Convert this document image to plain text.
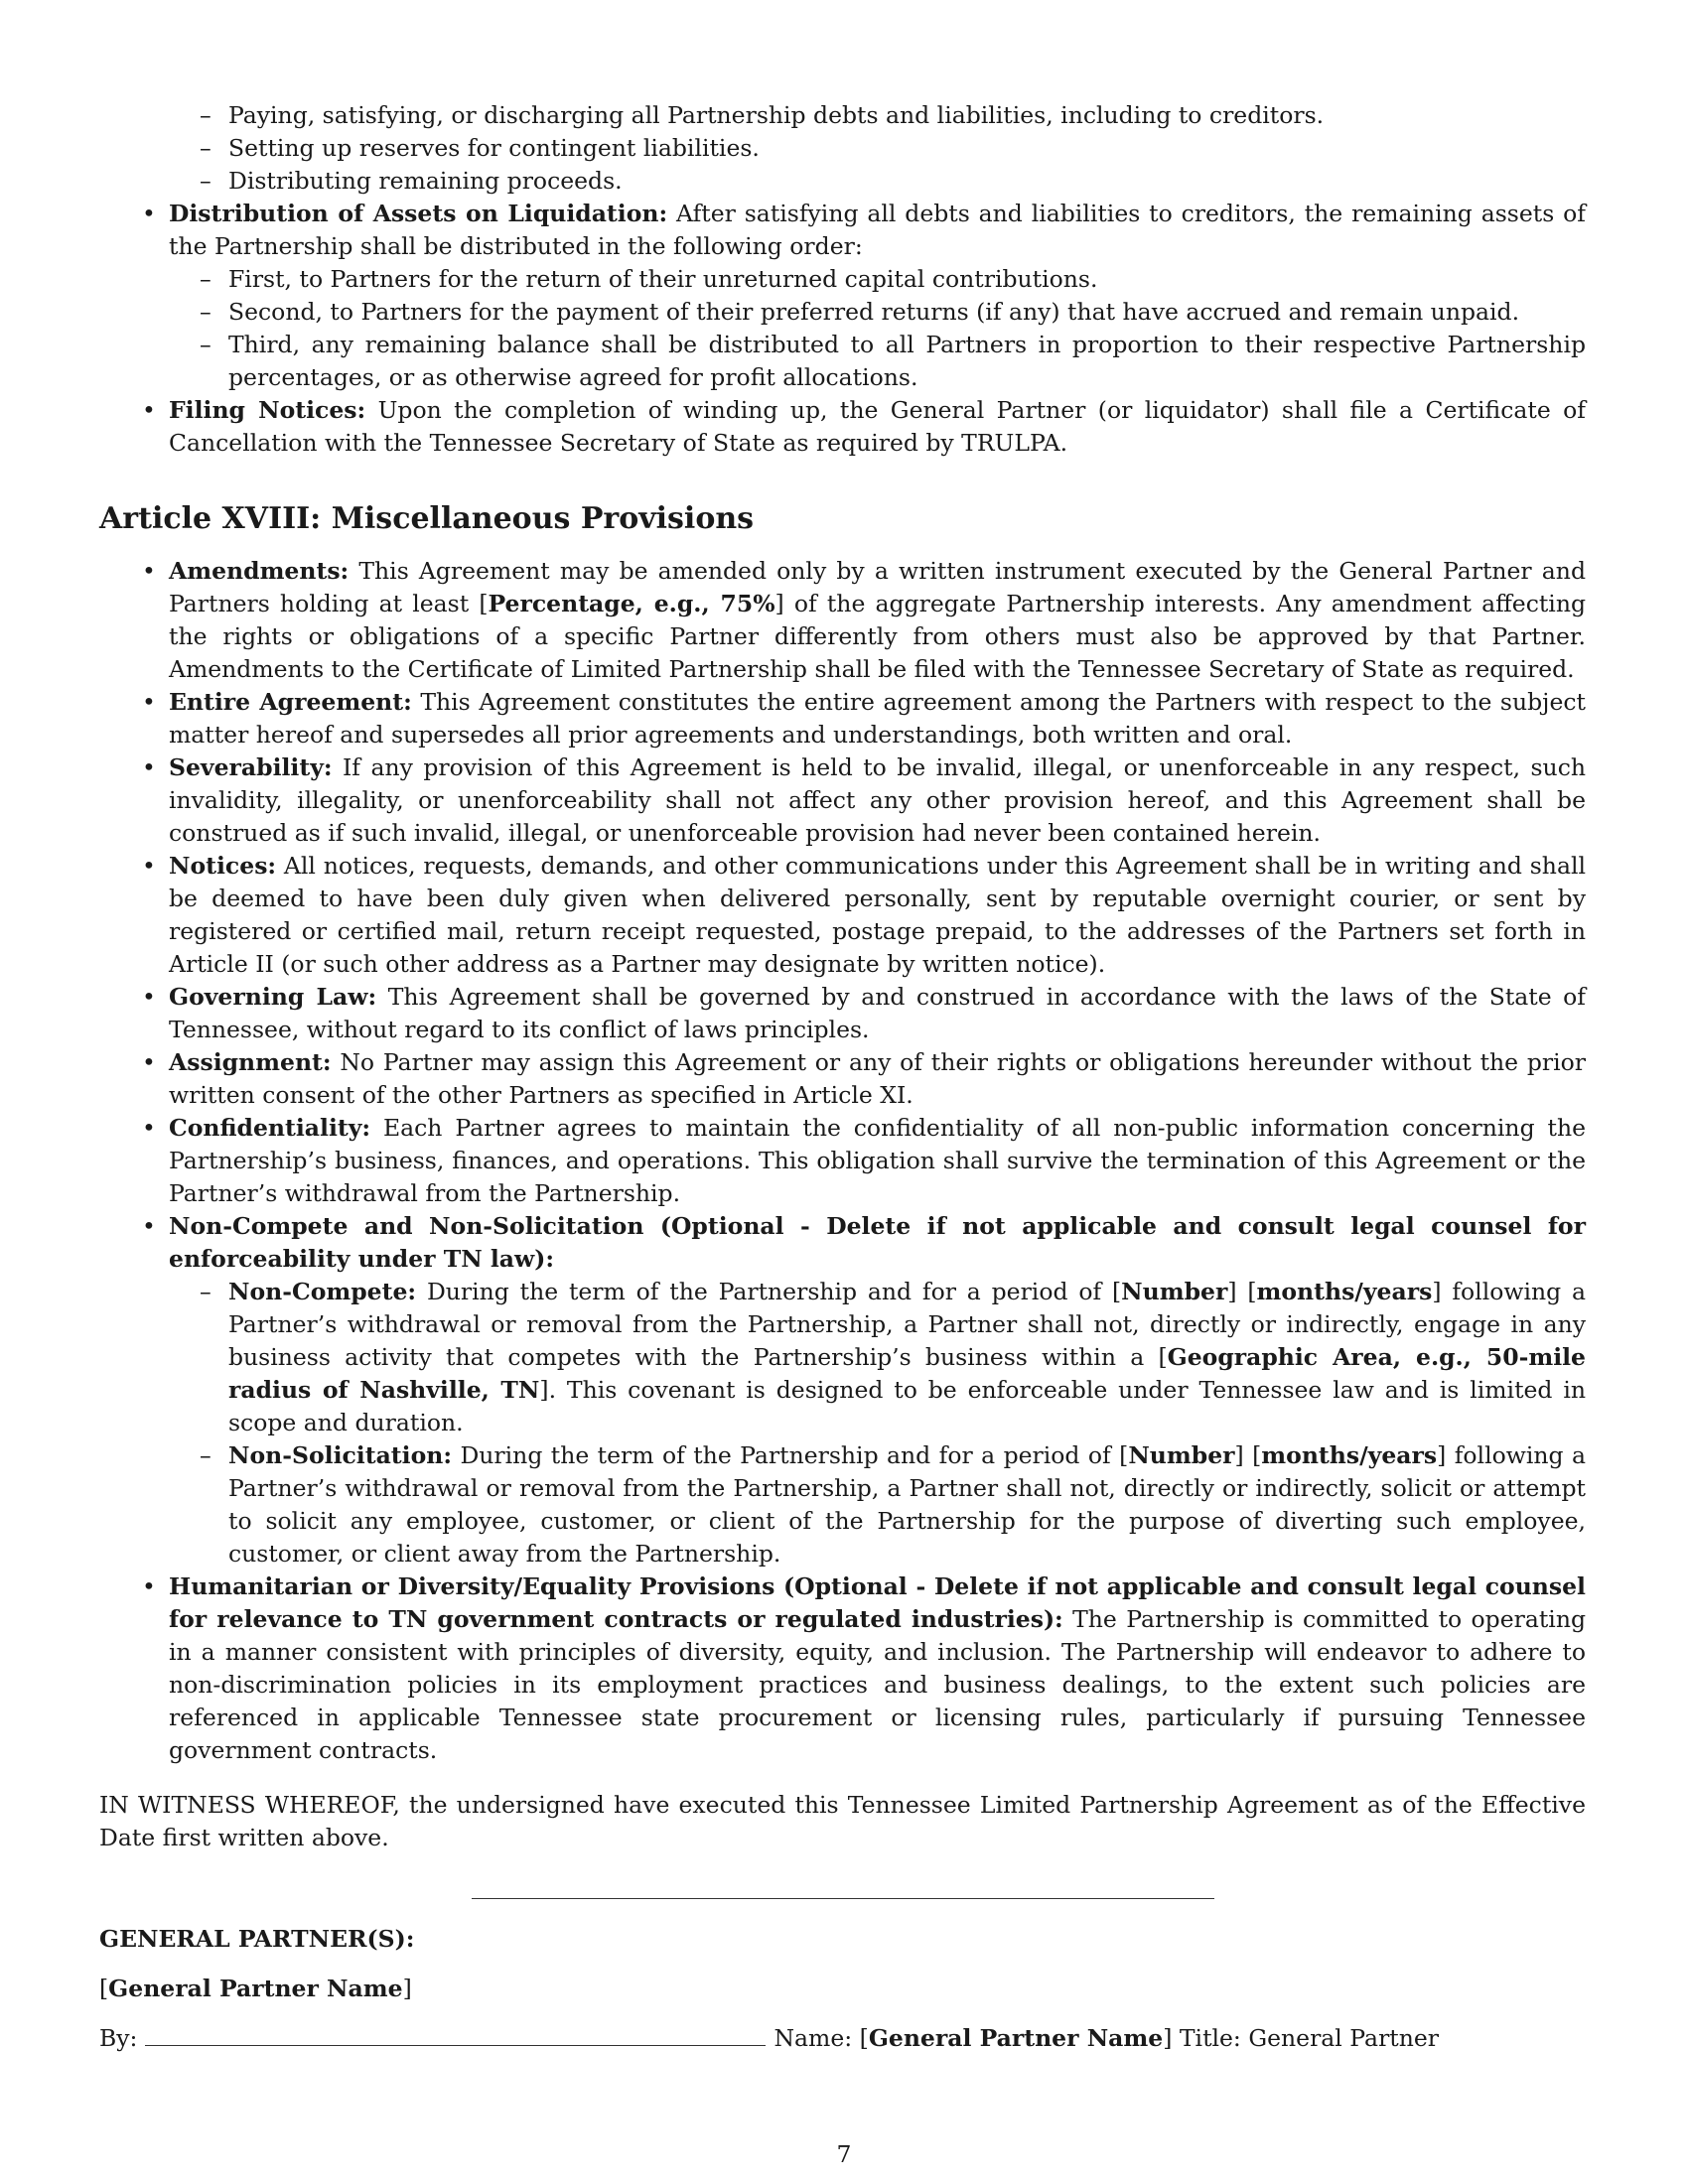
– Paying, satisfying, or discharging all Partnership debts and liabilities, including to creditors.
– Setting up reserves for contingent liabilities.
– Distributing remaining proceeds.
• Distribution of Assets on Liquidation: After satisfying all debts and liabilities to creditors, the remaining assets of the Partnership shall be distributed in the following order:
– First, to Partners for the return of their unreturned capital contributions.
– Second, to Partners for the payment of their preferred returns (if any) that have accrued and remain unpaid.
– Third, any remaining balance shall be distributed to all Partners in proportion to their respective Partnership percentages, or as otherwise agreed for profit allocations.
• Filing Notices: Upon the completion of winding up, the General Partner (or liquidator) shall file a Certificate of Cancellation with the Tennessee Secretary of State as required by TRULPA.
Article XVIII: Miscellaneous Provisions
• Amendments: This Agreement may be amended only by a written instrument executed by the General Partner and Partners holding at least [Percentage, e.g., 75%] of the aggregate Partnership interests. Any amendment affecting the rights or obligations of a specific Partner differently from others must also be approved by that Partner. Amendments to the Certificate of Limited Partnership shall be filed with the Tennessee Secretary of State as required.
• Entire Agreement: This Agreement constitutes the entire agreement among the Partners with respect to the subject matter hereof and supersedes all prior agreements and understandings, both written and oral.
• Severability: If any provision of this Agreement is held to be invalid, illegal, or unenforceable in any respect, such invalidity, illegality, or unenforceability shall not affect any other provision hereof, and this Agreement shall be construed as if such invalid, illegal, or unenforceable provision had never been contained herein.
• Notices: All notices, requests, demands, and other communications under this Agreement shall be in writing and shall be deemed to have been duly given when delivered personally, sent by reputable overnight courier, or sent by registered or certified mail, return receipt requested, postage prepaid, to the addresses of the Partners set forth in Article II (or such other address as a Partner may designate by written notice).
• Governing Law: This Agreement shall be governed by and construed in accordance with the laws of the State of Tennessee, without regard to its conflict of laws principles.
• Assignment: No Partner may assign this Agreement or any of their rights or obligations hereunder without the prior written consent of the other Partners as specified in Article XI.
• Confidentiality: Each Partner agrees to maintain the confidentiality of all non-public information concerning the Partnership’s business, finances, and operations. This obligation shall survive the termination of this Agreement or the Partner’s withdrawal from the Partnership.
• Non-Compete and Non-Solicitation (Optional - Delete if not applicable and consult legal counsel for enforceability under TN law):
– Non-Compete: During the term of the Partnership and for a period of [Number] [months/years] following a Partner’s withdrawal or removal from the Partnership, a Partner shall not, directly or indirectly, engage in any business activity that competes with the Partnership’s business within a [Geographic Area, e.g., 50-mile radius of Nashville, TN]. This covenant is designed to be enforceable under Tennessee law and is limited in scope and duration.
– Non-Solicitation: During the term of the Partnership and for a period of [Number] [months/years] following a Partner’s withdrawal or removal from the Partnership, a Partner shall not, directly or indirectly, solicit or attempt to solicit any employee, customer, or client of the Partnership for the purpose of diverting such employee, customer, or client away from the Partnership.
• Humanitarian or Diversity/Equality Provisions (Optional - Delete if not applicable and consult legal counsel for relevance to TN government contracts or regulated industries): The Partnership is committed to operating in a manner consistent with principles of diversity, equity, and inclusion. The Partnership will endeavor to adhere to non-discrimination policies in its employment practices and business dealings, to the extent such policies are referenced in applicable Tennessee state procurement or licensing rules, particularly if pursuing Tennessee government contracts.

IN WITNESS WHEREOF, the undersigned have executed this Tennessee Limited Partnership Agreement as of the Effective Date first written above.

GENERAL PARTNER(S):
[General Partner Name]
By:	Name: [General Partner Name] Title: General Partner
7
